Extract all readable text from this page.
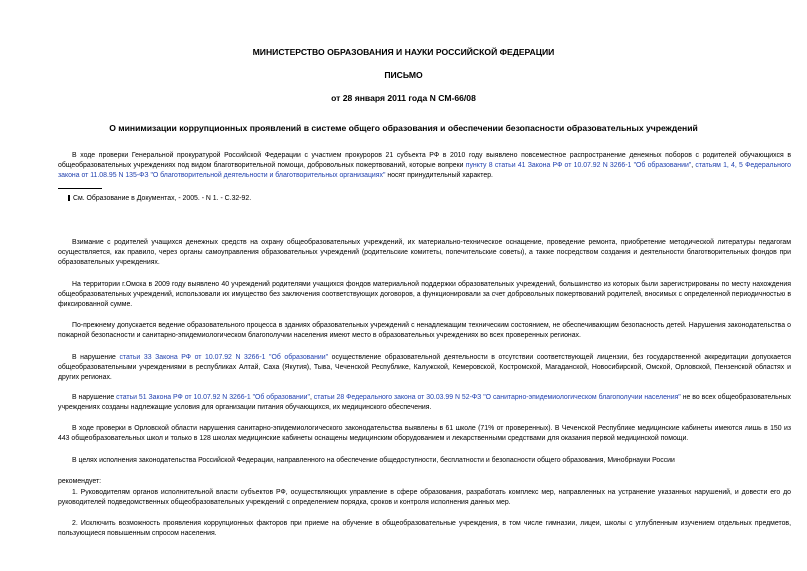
МИНИСТЕРСТВО ОБРАЗОВАНИЯ И НАУКИ РОССИЙСКОЙ ФЕДЕРАЦИИ
ПИСЬМО
от 28 января 2011 года N СМ-66/08
О минимизации коррупционных проявлений в системе общего образования и обеспечении безопасности образовательных учреждений

В ходе проверки Генеральной прокуратурой Российской Федерации с участием прокуроров 21 субъекта РФ в 2010 году выявлено повсеместное распространение денежных поборов с родителей обучающихся в общеобразовательных учреждениях под видом благотворительной помощи, добровольных пожертвований, которые вопреки пункту 8 статьи 41 Закона РФ от 10.07.92 N 3266-1 "Об образовании", статьям 1, 4, 5 Федерального закона от 11.08.95 N 135-ФЗ "О благотворительной деятельности и благотворительных организациях" носят принудительный характер.

См. Образование в Документах, - 2005. - N 1. - С.32-92.

Взимание с родителей учащихся денежных средств на охрану общеобразовательных учреждений, их материально-техническое оснащение, проведение ремонта, приобретение методической литературы педагогам осуществляется, как правило, через органы самоуправления образовательных учреждений (родительские комитеты, попечительские советы), а также посредством создания и деятельности благотворительных фондов при образовательных учреждениях.

На территории г.Омска в 2009 году выявлено 40 учреждений родителями учащихся фондов материальной поддержки образовательных учреждений, большинство из которых были зарегистрированы по месту нахождения общеобразовательных учреждений, использовали их имущество без заключения соответствующих договоров, а функционировали за счет добровольных пожертвований родителей, вносимых с определенной периодичностью в фиксированной сумме.

По-прежнему допускается ведение образовательного процесса в зданиях образовательных учреждений с ненадлежащим техническим состоянием, не обеспечивающим безопасность детей. Нарушения законодательства о пожарной безопасности и санитарно-эпидемиологическом благополучии населения имеют место в образовательных учреждениях во всех проверенных регионах.

В нарушение статьи 33 Закона РФ от 10.07.92 N 3266-1 "Об образовании" осуществление образовательной деятельности в отсутствии соответствующей лицензии, без государственной аккредитации допускается общеобразовательными учреждениями в республиках Алтай, Саха (Якутия), Тыва, Чеченской Республике, Калужской, Кемеровской, Костромской, Магаданской, Новосибирской, Омской, Орловской, Пензенской областях и других регионах.

В нарушение статьи 51 Закона РФ от 10.07.92 N 3266-1 "Об образовании", статьи 28 Федерального закона от 30.03.99 N 52-ФЗ "О санитарно-эпидемиологическом благополучии населения" не во всех общеобразовательных учреждениях созданы надлежащие условия для организации питания обучающихся, их медицинского обеспечения.

В ходе проверки в Орловской области нарушения санитарно-эпидемиологического законодательства выявлены в 61 школе (71% от проверенных). В Чеченской Республике медицинские кабинеты имеются лишь в 150 из 443 общеобразовательных школ и только в 128 школах медицинские кабинеты оснащены медицинским оборудованием и лекарственными средствами для оказания первой медицинской помощи.

В целях исполнения законодательства Российской Федерации, направленного на обеспечение общедоступности, бесплатности и безопасности общего образования, Минобрнауки России

рекомендует:

1. Руководителям органов исполнительной власти субъектов РФ, осуществляющих управление в сфере образования, разработать комплекс мер, направленных на устранение указанных нарушений, и довести его до руководителей подведомственных общеобразовательных учреждений с определением порядка, сроков и контроля исполнения данных мер.

2. Исключить возможность проявления коррупционных факторов при приеме на обучение в общеобразовательные учреждения, в том числе гимназии, лицеи, школы с углубленным изучением отдельных предметов, пользующиеся повышенным спросом населения.
